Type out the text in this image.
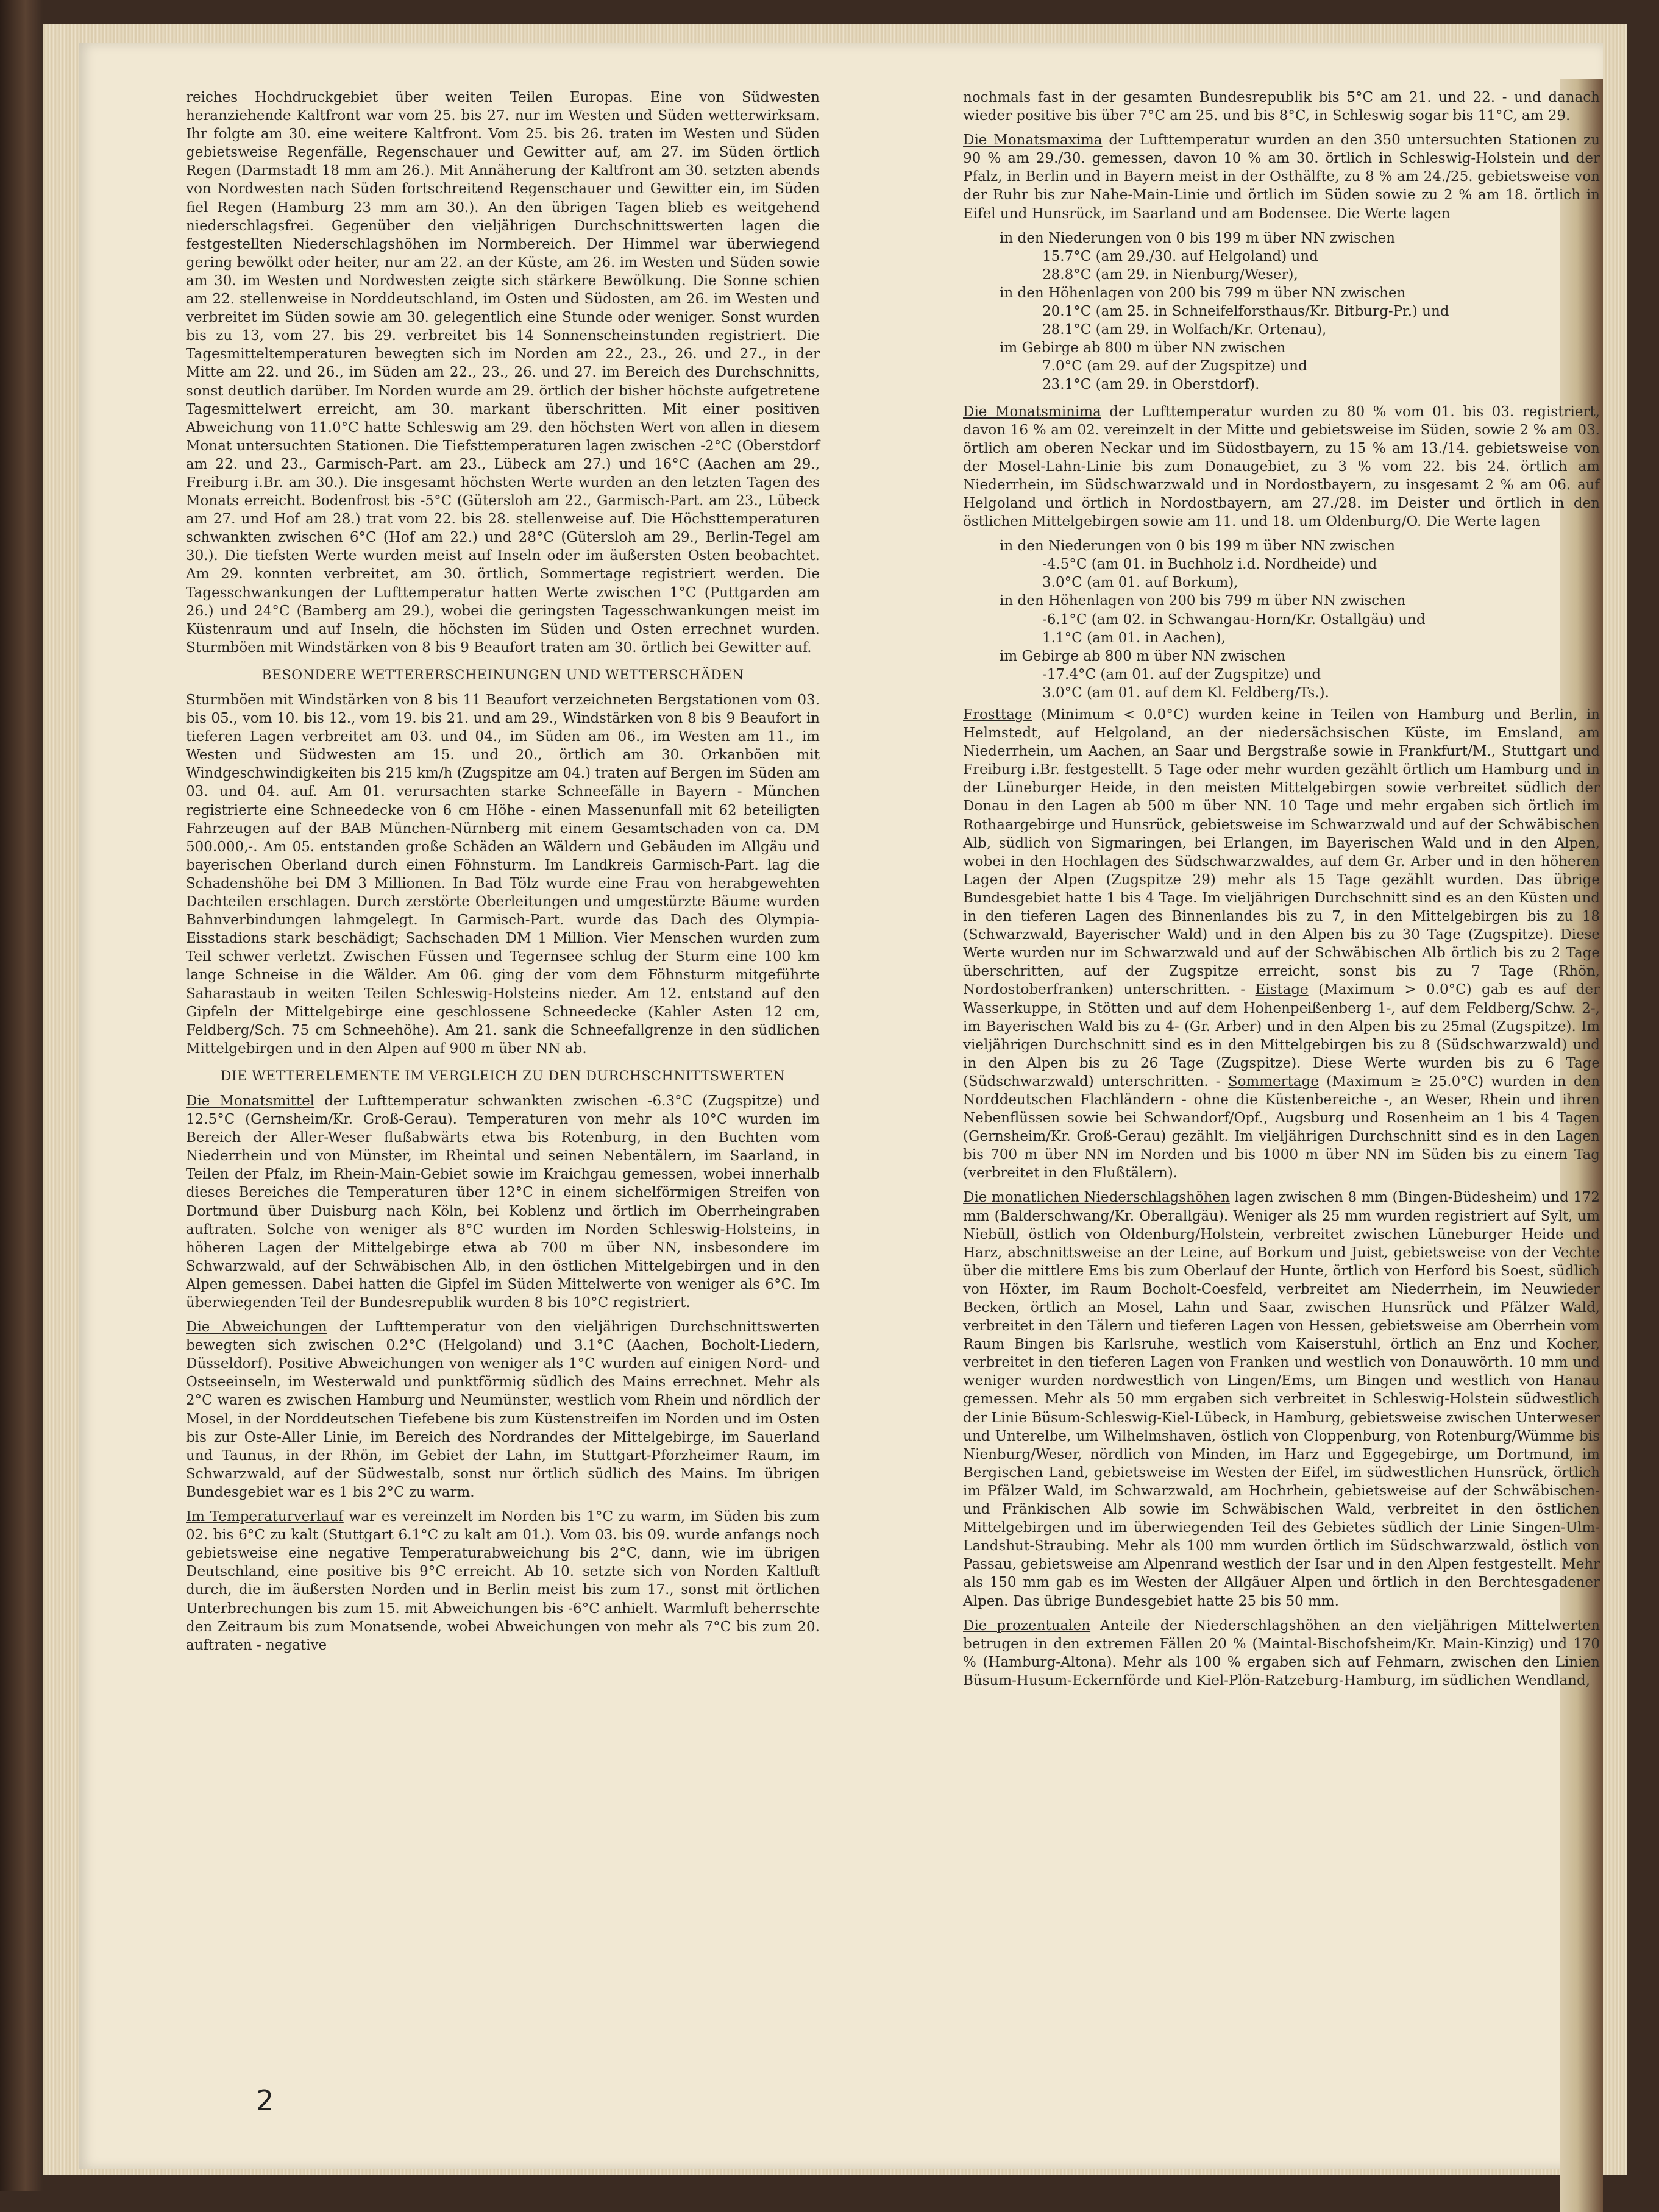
reiches Hochdruckgebiet über weiten Teilen Europas. Eine von Südwesten heranziehende Kaltfront war vom 25. bis 27. nur im Westen und Süden wetterwirksam. Ihr folgte am 30. eine weitere Kaltfront. Vom 25. bis 26. traten im Westen und Süden gebietsweise Regenfälle, Regenschauer und Gewitter auf, am 27. im Süden örtlich Regen (Darmstadt 18 mm am 26.). Mit Annäherung der Kaltfront am 30. setzten abends von Nordwesten nach Süden fortschreitend Regenschauer und Gewitter ein, im Süden fiel Regen (Hamburg 23 mm am 30.). An den übrigen Tagen blieb es weitgehend niederschlagsfrei. Gegenüber den vieljährigen Durchschnittswerten lagen die festgestellten Niederschlagshöhen im Normbereich. Der Himmel war überwiegend gering bewölkt oder heiter, nur am 22. an der Küste, am 26. im Westen und Süden sowie am 30. im Westen und Nordwesten zeigte sich stärkere Bewölkung. Die Sonne schien am 22. stellenweise in Norddeutschland, im Osten und Südosten, am 26. im Westen und verbreitet im Süden sowie am 30. gelegentlich eine Stunde oder weniger. Sonst wurden bis zu 13, vom 27. bis 29. verbreitet bis 14 Sonnenscheinstunden registriert. Die Tagesmitteltemperaturen bewegten sich im Norden am 22., 23., 26. und 27., in der Mitte am 22. und 26., im Süden am 22., 23., 26. und 27. im Bereich des Durchschnitts, sonst deutlich darüber. Im Norden wurde am 29. örtlich der bisher höchste aufgetretene Tagesmittelwert erreicht, am 30. markant überschritten. Mit einer positiven Abweichung von 11.0°C hatte Schleswig am 29. den höchsten Wert von allen in diesem Monat untersuchten Stationen. Die Tiefsttemperaturen lagen zwischen -2°C (Oberstdorf am 22. und 23., Garmisch-Part. am 23., Lübeck am 27.) und 16°C (Aachen am 29., Freiburg i.Br. am 30.). Die insgesamt höchsten Werte wurden an den letzten Tagen des Monats erreicht. Bodenfrost bis -5°C (Gütersloh am 22., Garmisch-Part. am 23., Lübeck am 27. und Hof am 28.) trat vom 22. bis 28. stellenweise auf. Die Höchsttemperaturen schwankten zwischen 6°C (Hof am 22.) und 28°C (Gütersloh am 29., Berlin-Tegel am 30.). Die tiefsten Werte wurden meist auf Inseln oder im äußersten Osten beobachtet. Am 29. konnten verbreitet, am 30. örtlich, Sommertage registriert werden. Die Tagesschwankungen der Lufttemperatur hatten Werte zwischen 1°C (Puttgarden am 26.) und 24°C (Bamberg am 29.), wobei die geringsten Tagesschwankungen meist im Küstenraum und auf Inseln, die höchsten im Süden und Osten errechnet wurden. Sturmböen mit Windstärken von 8 bis 9 Beaufort traten am 30. örtlich bei Gewitter auf.

BESONDERE WETTERERSCHEINUNGEN UND WETTERSCHÄDEN

Sturmböen mit Windstärken von 8 bis 11 Beaufort verzeichneten Bergstationen vom 03. bis 05., vom 10. bis 12., vom 19. bis 21. und am 29., Windstärken von 8 bis 9 Beaufort in tieferen Lagen verbreitet am 03. und 04., im Süden am 06., im Westen am 11., im Westen und Südwesten am 15. und 20., örtlich am 30. Orkanböen mit Windgeschwindigkeiten bis 215 km/h (Zugspitze am 04.) traten auf Bergen im Süden am 03. und 04. auf. Am 01. verursachten starke Schneefälle in Bayern - München registrierte eine Schneedecke von 6 cm Höhe - einen Massenunfall mit 62 beteiligten Fahrzeugen auf der BAB München-Nürnberg mit einem Gesamtschaden von ca. DM 500.000,-. Am 05. entstanden große Schäden an Wäldern und Gebäuden im Allgäu und bayerischen Oberland durch einen Föhnsturm. Im Landkreis Garmisch-Part. lag die Schadenshöhe bei DM 3 Millionen. In Bad Tölz wurde eine Frau von herabgewehten Dachteilen erschlagen. Durch zerstörte Oberleitungen und umgestürzte Bäume wurden Bahnverbindungen lahmgelegt. In Garmisch-Part. wurde das Dach des Olympia-Eisstadions stark beschädigt; Sachschaden DM 1 Million. Vier Menschen wurden zum Teil schwer verletzt. Zwischen Füssen und Tegernsee schlug der Sturm eine 100 km lange Schneise in die Wälder. Am 06. ging der vom dem Föhnsturm mitgeführte Saharastaub in weiten Teilen Schleswig-Holsteins nieder. Am 12. entstand auf den Gipfeln der Mittelgebirge eine geschlossene Schneedecke (Kahler Asten 12 cm, Feldberg/Sch. 75 cm Schneehöhe). Am 21. sank die Schneefallgrenze in den südlichen Mittelgebirgen und in den Alpen auf 900 m über NN ab.

DIE WETTERELEMENTE IM VERGLEICH ZU DEN DURCHSCHNITTSWERTEN

Die Monatsmittel der Lufttemperatur schwankten zwischen -6.3°C (Zugspitze) und 12.5°C (Gernsheim/Kr. Groß-Gerau). Temperaturen von mehr als 10°C wurden im Bereich der Aller-Weser flußabwärts etwa bis Rotenburg, in den Buchten vom Niederrhein und von Münster, im Rheintal und seinen Nebentälern, im Saarland, in Teilen der Pfalz, im Rhein-Main-Gebiet sowie im Kraichgau gemessen, wobei innerhalb dieses Bereiches die Temperaturen über 12°C in einem sichelförmigen Streifen von Dortmund über Duisburg nach Köln, bei Koblenz und örtlich im Oberrheingraben auftraten. Solche von weniger als 8°C wurden im Norden Schleswig-Holsteins, in höheren Lagen der Mittelgebirge etwa ab 700 m über NN, insbesondere im Schwarzwald, auf der Schwäbischen Alb, in den östlichen Mittelgebirgen und in den Alpen gemessen. Dabei hatten die Gipfel im Süden Mittelwerte von weniger als 6°C. Im überwiegenden Teil der Bundesrepublik wurden 8 bis 10°C registriert.

Die Abweichungen der Lufttemperatur von den vieljährigen Durchschnittswerten bewegten sich zwischen 0.2°C (Helgoland) und 3.1°C (Aachen, Bocholt-Liedern, Düsseldorf). Positive Abweichungen von weniger als 1°C wurden auf einigen Nord- und Ostseeinseln, im Westerwald und punktförmig südlich des Mains errechnet. Mehr als 2°C waren es zwischen Hamburg und Neumünster, westlich vom Rhein und nördlich der Mosel, in der Norddeutschen Tiefebene bis zum Küstenstreifen im Norden und im Osten bis zur Oste-Aller Linie, im Bereich des Nordrandes der Mittelgebirge, im Sauerland und Taunus, in der Rhön, im Gebiet der Lahn, im Stuttgart-Pforzheimer Raum, im Schwarzwald, auf der Südwestalb, sonst nur örtlich südlich des Mains. Im übrigen Bundesgebiet war es 1 bis 2°C zu warm.

Im Temperaturverlauf war es vereinzelt im Norden bis 1°C zu warm, im Süden bis zum 02. bis 6°C zu kalt (Stuttgart 6.1°C zu kalt am 01.). Vom 03. bis 09. wurde anfangs noch gebietsweise eine negative Temperaturabweichung bis 2°C, dann, wie im übrigen Deutschland, eine positive bis 9°C erreicht. Ab 10. setzte sich von Norden Kaltluft durch, die im äußersten Norden und in Berlin meist bis zum 17., sonst mit örtlichen Unterbrechungen bis zum 15. mit Abweichungen bis -6°C anhielt. Warmluft beherrschte den Zeitraum bis zum Monatsende, wobei Abweichungen von mehr als 7°C bis zum 20. auftraten - negative

nochmals fast in der gesamten Bundesrepublik bis 5°C am 21. und 22. - und danach wieder positive bis über 7°C am 25. und bis 8°C, in Schleswig sogar bis 11°C, am 29.

Die Monatsmaxima der Lufttemperatur wurden an den 350 untersuchten Stationen zu 90 % am 29./30. gemessen, davon 10 % am 30. örtlich in Schleswig-Holstein und der Pfalz, in Berlin und in Bayern meist in der Osthälfte, zu 8 % am 24./25. gebietsweise von der Ruhr bis zur Nahe-Main-Linie und örtlich im Süden sowie zu 2 % am 18. örtlich in Eifel und Hunsrück, im Saarland und am Bodensee. Die Werte lagen

in den Niederungen von 0 bis 199 m über NN zwischen
15.7°C (am 29./30. auf Helgoland) und
28.8°C (am 29. in Nienburg/Weser),
in den Höhenlagen von 200 bis 799 m über NN zwischen
20.1°C (am 25. in Schneifelforsthaus/Kr. Bitburg-Pr.) und
28.1°C (am 29. in Wolfach/Kr. Ortenau),
im Gebirge ab 800 m über NN zwischen
7.0°C (am 29. auf der Zugspitze) und
23.1°C (am 29. in Oberstdorf).

Die Monatsminima der Lufttemperatur wurden zu 80 % vom 01. bis 03. registriert, davon 16 % am 02. vereinzelt in der Mitte und gebietsweise im Süden, sowie 2 % am 03. örtlich am oberen Neckar und im Südostbayern, zu 15 % am 13./14. gebietsweise von der Mosel-Lahn-Linie bis zum Donaugebiet, zu 3 % vom 22. bis 24. örtlich am Niederrhein, im Südschwarzwald und in Nordostbayern, zu insgesamt 2 % am 06. auf Helgoland und örtlich in Nordostbayern, am 27./28. im Deister und örtlich in den östlichen Mittelgebirgen sowie am 11. und 18. um Oldenburg/O. Die Werte lagen

in den Niederungen von 0 bis 199 m über NN zwischen
-4.5°C (am 01. in Buchholz i.d. Nordheide) und
3.0°C (am 01. auf Borkum),
in den Höhenlagen von 200 bis 799 m über NN zwischen
-6.1°C (am 02. in Schwangau-Horn/Kr. Ostallgäu) und
1.1°C (am 01. in Aachen),
im Gebirge ab 800 m über NN zwischen
-17.4°C (am 01. auf der Zugspitze) und
3.0°C (am 01. auf dem Kl. Feldberg/Ts.).

Frosttage (Minimum < 0.0°C) wurden keine in Teilen von Hamburg und Berlin, in Helmstedt, auf Helgoland, an der niedersächsischen Küste, im Emsland, am Niederrhein, um Aachen, an Saar und Bergstraße sowie in Frankfurt/M., Stuttgart und Freiburg i.Br. festgestellt. 5 Tage oder mehr wurden gezählt örtlich um Hamburg und in der Lüneburger Heide, in den meisten Mittelgebirgen sowie verbreitet südlich der Donau in den Lagen ab 500 m über NN. 10 Tage und mehr ergaben sich örtlich im Rothaargebirge und Hunsrück, gebietsweise im Schwarzwald und auf der Schwäbischen Alb, südlich von Sigmaringen, bei Erlangen, im Bayerischen Wald und in den Alpen, wobei in den Hochlagen des Südschwarzwaldes, auf dem Gr. Arber und in den höheren Lagen der Alpen (Zugspitze 29) mehr als 15 Tage gezählt wurden. Das übrige Bundesgebiet hatte 1 bis 4 Tage. Im vieljährigen Durchschnitt sind es an den Küsten und in den tieferen Lagen des Binnenlandes bis zu 7, in den Mittelgebirgen bis zu 18 (Schwarzwald, Bayerischer Wald) und in den Alpen bis zu 30 Tage (Zugspitze). Diese Werte wurden nur im Schwarzwald und auf der Schwäbischen Alb örtlich bis zu 2 Tage überschritten, auf der Zugspitze erreicht, sonst bis zu 7 Tage (Rhön, Nordostoberfranken) unterschritten. - Eistage (Maximum > 0.0°C) gab es auf der Wasserkuppe, in Stötten und auf dem Hohenpeißenberg 1-, auf dem Feldberg/Schw. 2-, im Bayerischen Wald bis zu 4- (Gr. Arber) und in den Alpen bis zu 25mal (Zugspitze). Im vieljährigen Durchschnitt sind es in den Mittelgebirgen bis zu 8 (Südschwarzwald) und in den Alpen bis zu 26 Tage (Zugspitze). Diese Werte wurden bis zu 6 Tage (Südschwarzwald) unterschritten. - Sommertage (Maximum ≥ 25.0°C) wurden in den Norddeutschen Flachländern - ohne die Küstenbereiche -, an Weser, Rhein und ihren Nebenflüssen sowie bei Schwandorf/Opf., Augsburg und Rosenheim an 1 bis 4 Tagen (Gernsheim/Kr. Groß-Gerau) gezählt. Im vieljährigen Durchschnitt sind es in den Lagen bis 700 m über NN im Norden und bis 1000 m über NN im Süden bis zu einem Tag (verbreitet in den Flußtälern).

Die monatlichen Niederschlagshöhen lagen zwischen 8 mm (Bingen-Büdesheim) und 172 mm (Balderschwang/Kr. Oberallgäu). Weniger als 25 mm wurden registriert auf Sylt, um Niebüll, östlich von Oldenburg/Holstein, verbreitet zwischen Lüneburger Heide und Harz, abschnittsweise an der Leine, auf Borkum und Juist, gebietsweise von der Vechte über die mittlere Ems bis zum Oberlauf der Hunte, örtlich von Herford bis Soest, südlich von Höxter, im Raum Bocholt-Coesfeld, verbreitet am Niederrhein, im Neuwieder Becken, örtlich an Mosel, Lahn und Saar, zwischen Hunsrück und Pfälzer Wald, verbreitet in den Tälern und tieferen Lagen von Hessen, gebietsweise am Oberrhein vom Raum Bingen bis Karlsruhe, westlich vom Kaiserstuhl, örtlich an Enz und Kocher, verbreitet in den tieferen Lagen von Franken und westlich von Donauwörth. 10 mm und weniger wurden nordwestlich von Lingen/Ems, um Bingen und westlich von Hanau gemessen. Mehr als 50 mm ergaben sich verbreitet in Schleswig-Holstein südwestlich der Linie Büsum-Schleswig-Kiel-Lübeck, in Hamburg, gebietsweise zwischen Unterweser und Unterelbe, um Wilhelmshaven, östlich von Cloppenburg, von Rotenburg/Wümme bis Nienburg/Weser, nördlich von Minden, im Harz und Eggegebirge, um Dortmund, im Bergischen Land, gebietsweise im Westen der Eifel, im südwestlichen Hunsrück, örtlich im Pfälzer Wald, im Schwarzwald, am Hochrhein, gebietsweise auf der Schwäbischen- und Fränkischen Alb sowie im Schwäbischen Wald, verbreitet in den östlichen Mittelgebirgen und im überwiegenden Teil des Gebietes südlich der Linie Singen-Ulm-Landshut-Straubing. Mehr als 100 mm wurden örtlich im Südschwarzwald, östlich von Passau, gebietsweise am Alpenrand westlich der Isar und in den Alpen festgestellt. Mehr als 150 mm gab es im Westen der Allgäuer Alpen und örtlich in den Berchtesgadener Alpen. Das übrige Bundesgebiet hatte 25 bis 50 mm.

Die prozentualen Anteile der Niederschlagshöhen an den vieljährigen Mittelwerten betrugen in den extremen Fällen 20 % (Maintal-Bischofsheim/Kr. Main-Kinzig) und 170 % (Hamburg-Altona). Mehr als 100 % ergaben sich auf Fehmarn, zwischen den Linien Büsum-Husum-Eckernförde und Kiel-Plön-Ratzeburg-Hamburg, im südlichen Wendland,

2
